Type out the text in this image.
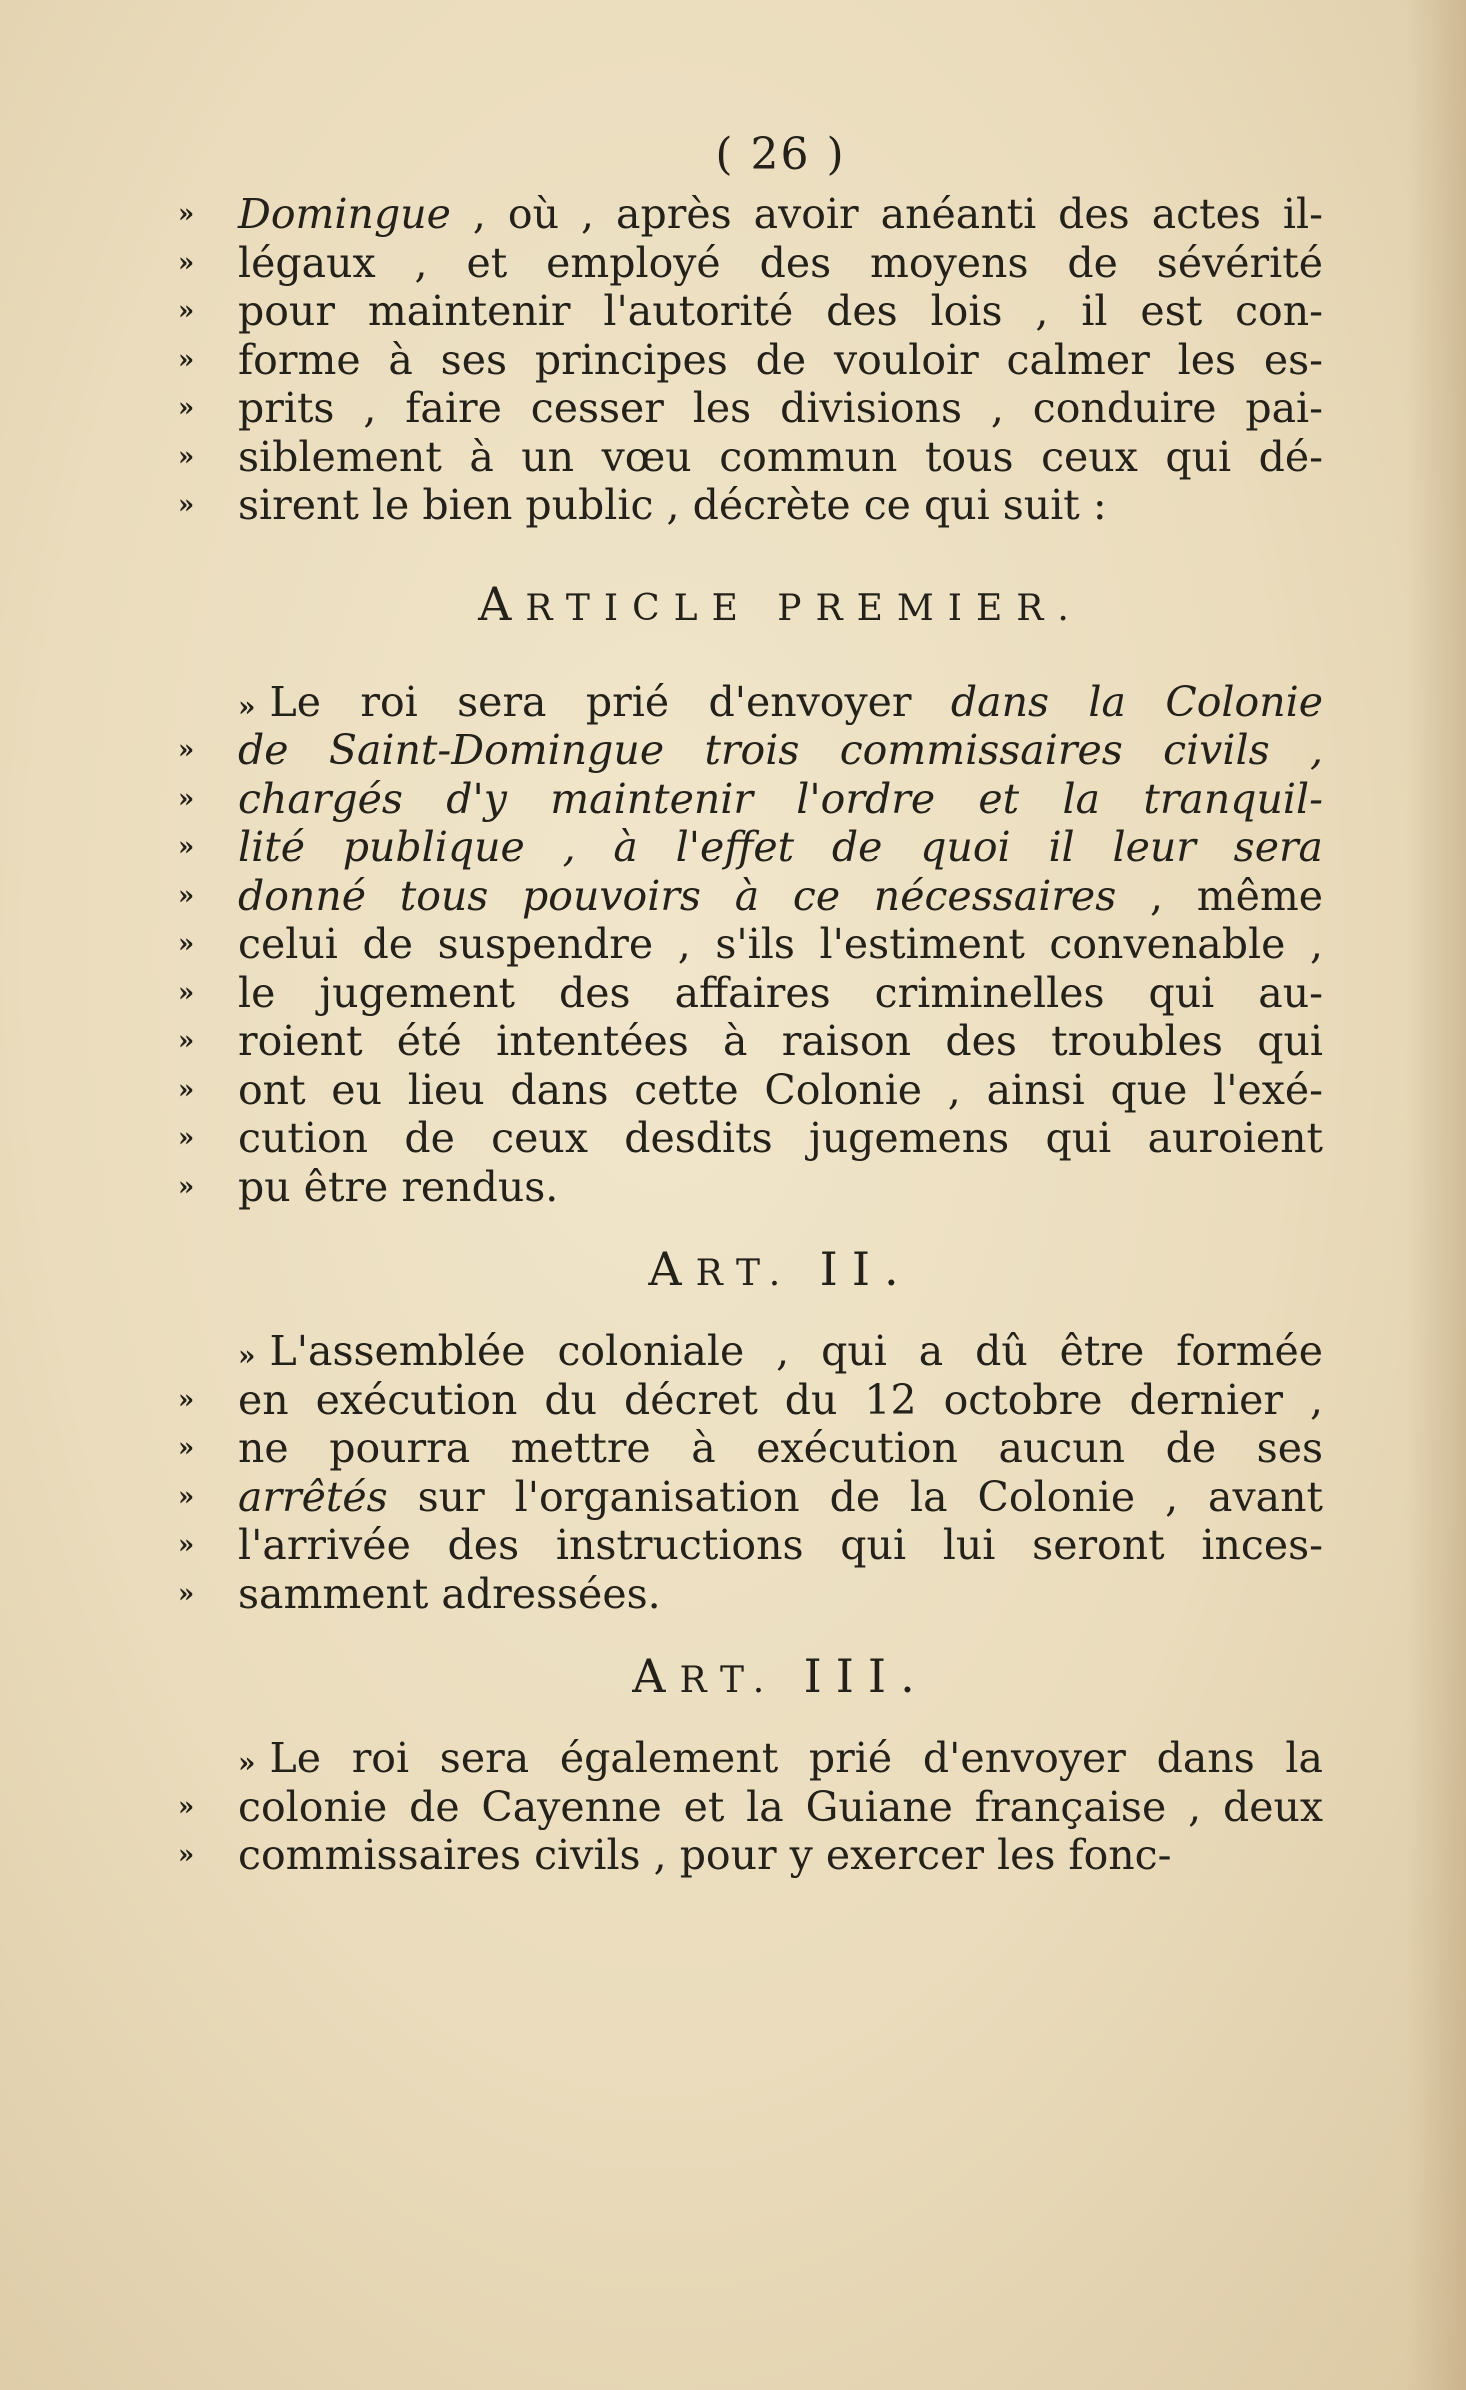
( 26 )
»	Domingue , où , après avoir anéanti des actes il-
»	légaux , et employé des moyens de sévérité
»	pour maintenir l'autorité des lois , il est con-
»	forme à ses principes de vouloir calmer les es-
»	prits , faire cesser les divisions , conduire pai-
»	siblement à un vœu commun tous ceux qui dé-
»	sirent le bien public , décrète ce qui suit :
ARTICLE PREMIER.
» Le roi sera prié d'envoyer dans la Colonie
»	de Saint-Domingue trois commissaires civils ,
»	chargés d'y maintenir l'ordre et la tranquil-
»	lité publique , à l'effet de quoi il leur sera
»	donné tous pouvoirs à ce nécessaires , même
»	celui de suspendre , s'ils l'estiment convenable ,
»	le jugement des affaires criminelles qui au-
»	roient été intentées à raison des troubles qui
»	ont eu lieu dans cette Colonie , ainsi que l'exé-
»	cution de ceux desdits jugemens qui auroient
»	pu être rendus.
ART. II.
» L'assemblée coloniale , qui a dû être formée
»	en exécution du décret du 12 octobre dernier ,
»	ne pourra mettre à exécution aucun de ses
»	arrêtés sur l'organisation de la Colonie , avant
»	l'arrivée des instructions qui lui seront inces-
»	samment adressées.
ART. III.
» Le roi sera également prié d'envoyer dans la
»	colonie de Cayenne et la Guiane française , deux
»	commissaires civils , pour y exercer les fonc-
